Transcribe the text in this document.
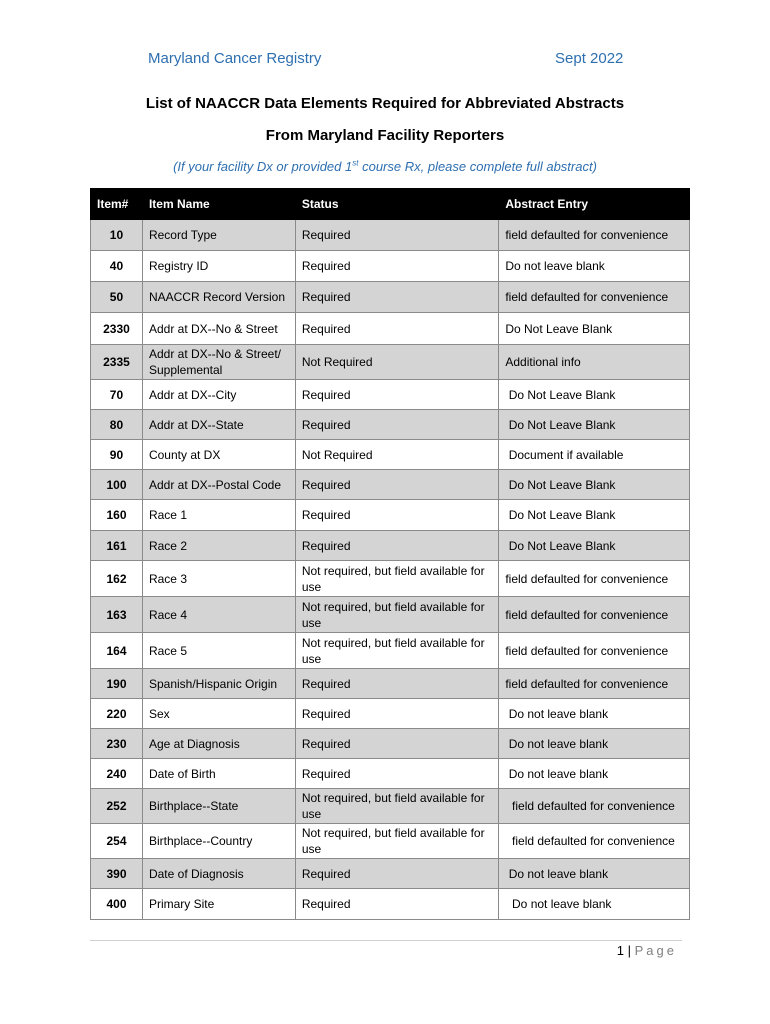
Maryland Cancer Registry	Sept 2022
List of NAACCR Data Elements Required for Abbreviated Abstracts
From Maryland Facility Reporters
(If your facility Dx or provided 1st course Rx, please complete full abstract)
Item#	Item Name	Status	Abstract Entry
10	Record Type	Required	field defaulted for convenience
40	Registry ID	Required	Do not leave blank
50	NAACCR Record Version	Required	field defaulted for convenience
2330	Addr at DX--No & Street	Required	Do Not Leave Blank
2335	Addr at DX--No & Street/ Supplemental	Not Required	Additional info
70	Addr at DX--City	Required	Do Not Leave Blank
80	Addr at DX--State	Required	Do Not Leave Blank
90	County at DX	Not Required	Document if available
100	Addr at DX--Postal Code	Required	Do Not Leave Blank
160	Race 1	Required	Do Not Leave Blank
161	Race 2	Required	Do Not Leave Blank
162	Race 3	Not required, but field available for use	field defaulted for convenience
163	Race 4	Not required, but field available for use	field defaulted for convenience
164	Race 5	Not required, but field available for use	field defaulted for convenience
190	Spanish/Hispanic Origin	Required	field defaulted for convenience
220	Sex	Required	Do not leave blank
230	Age at Diagnosis	Required	Do not leave blank
240	Date of Birth	Required	Do not leave blank
252	Birthplace--State	Not required, but field available for use	field defaulted for convenience
254	Birthplace--Country	Not required, but field available for use	field defaulted for convenience
390	Date of Diagnosis	Required	Do not leave blank
400	Primary Site	Required	Do not leave blank
1 | Page
